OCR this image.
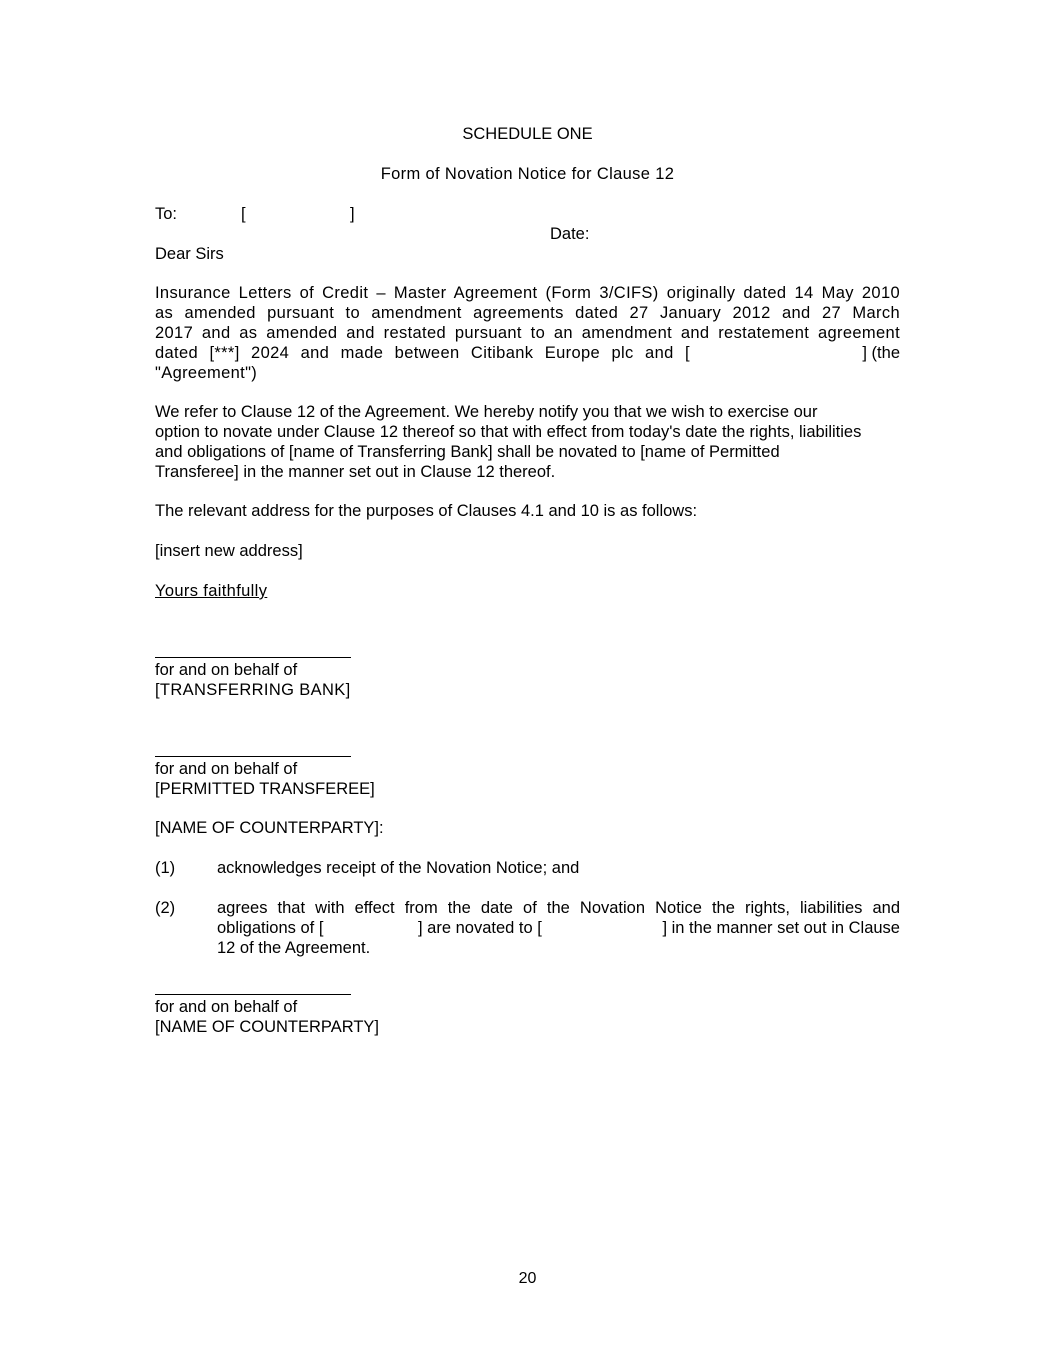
SCHEDULE ONE

Form of Novation Notice for Clause 12

To:	[	]

Date:

Dear Sirs

Insurance Letters of Credit – Master Agreement (Form 3/CIFS) originally dated 14 May 2010
as amended pursuant to amendment agreements dated 27 January 2012 and 27 March
2017 and as amended and restated pursuant to an amendment and restatement agreement
dated [***] 2024 and made between Citibank Europe plc and [	] (the
"Agreement")
We refer to Clause 12 of the Agreement. We hereby notify you that we wish to exercise our
option to novate under Clause 12 thereof so that with effect from today's date the rights, liabilities
and obligations of [name of Transferring Bank] shall be novated to [name of Permitted
Transferee] in the manner set out in Clause 12 thereof.

The relevant address for the purposes of Clauses 4.1 and 10 is as follows:

[insert new address]

Yours faithfully

for and on behalf of

[TRANSFERRING BANK]

for and on behalf of

[PERMITTED TRANSFEREE]

[NAME OF COUNTERPARTY]:

(1)	acknowledges receipt of the Novation Notice; and

(2)	agrees that with effect from the date of the Novation Notice the rights, liabilities and
obligations of [	] are novated to [	] in the manner set out in Clause
12 of the Agreement.

for and on behalf of

[NAME OF COUNTERPARTY]

20
